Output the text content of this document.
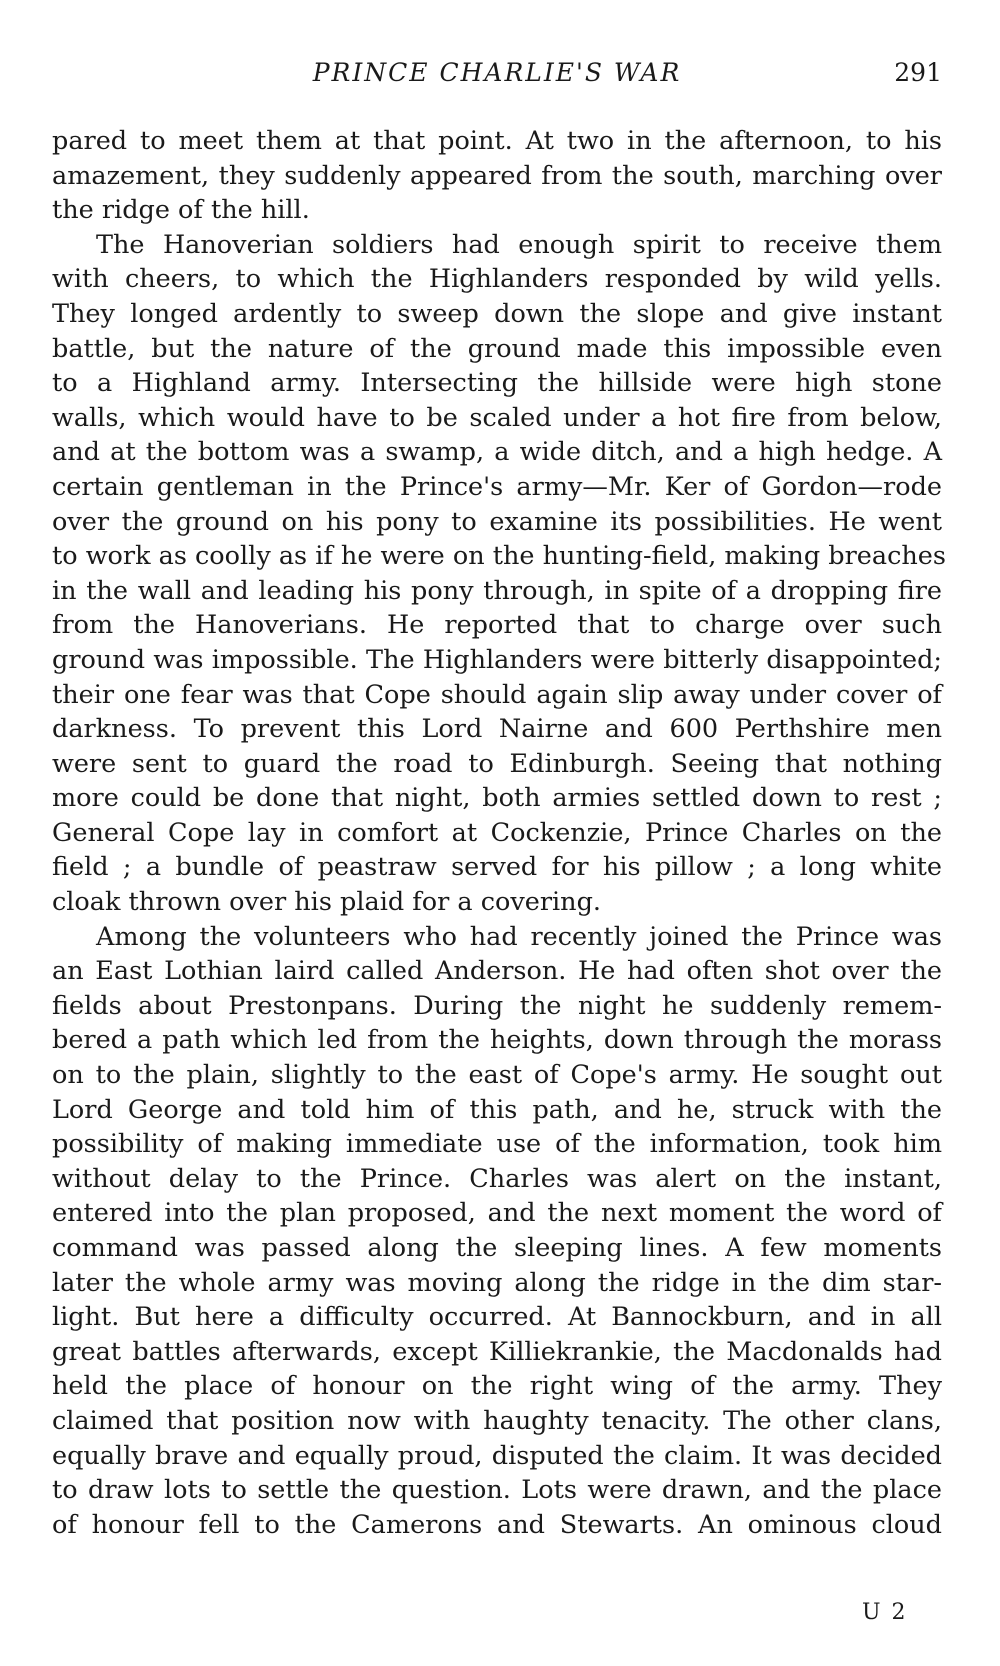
PRINCE CHARLIE'S WAR	291
pared to meet them at that point. At two in the afternoon, to his
amazement, they suddenly appeared from the south, marching over
the ridge of the hill.
The Hanoverian soldiers had enough spirit to receive them
with cheers, to which the Highlanders responded by wild yells.
They longed ardently to sweep down the slope and give instant
battle, but the nature of the ground made this impossible even
to a Highland army. Intersecting the hillside were high stone
walls, which would have to be scaled under a hot fire from below,
and at the bottom was a swamp, a wide ditch, and a high hedge. A
certain gentleman in the Prince's army—Mr. Ker of Gordon—rode
over the ground on his pony to examine its possibilities. He went
to work as coolly as if he were on the hunting-field, making breaches
in the wall and leading his pony through, in spite of a dropping fire
from the Hanoverians. He reported that to charge over such
ground was impossible. The Highlanders were bitterly disappointed;
their one fear was that Cope should again slip away under cover of
darkness. To prevent this Lord Nairne and 600 Perthshire men
were sent to guard the road to Edinburgh. Seeing that nothing
more could be done that night, both armies settled down to rest ;
General Cope lay in comfort at Cockenzie, Prince Charles on the
field ; a bundle of peastraw served for his pillow ; a long white
cloak thrown over his plaid for a covering.
Among the volunteers who had recently joined the Prince was
an East Lothian laird called Anderson. He had often shot over the
fields about Prestonpans. During the night he suddenly remem-
bered a path which led from the heights, down through the morass
on to the plain, slightly to the east of Cope's army. He sought out
Lord George and told him of this path, and he, struck with the
possibility of making immediate use of the information, took him
without delay to the Prince. Charles was alert on the instant,
entered into the plan proposed, and the next moment the word of
command was passed along the sleeping lines. A few moments
later the whole army was moving along the ridge in the dim star-
light. But here a difficulty occurred. At Bannockburn, and in all
great battles afterwards, except Killiekrankie, the Macdonalds had
held the place of honour on the right wing of the army. They
claimed that position now with haughty tenacity. The other clans,
equally brave and equally proud, disputed the claim. It was decided
to draw lots to settle the question. Lots were drawn, and the place
of honour fell to the Camerons and Stewarts. An ominous cloud
U 2
